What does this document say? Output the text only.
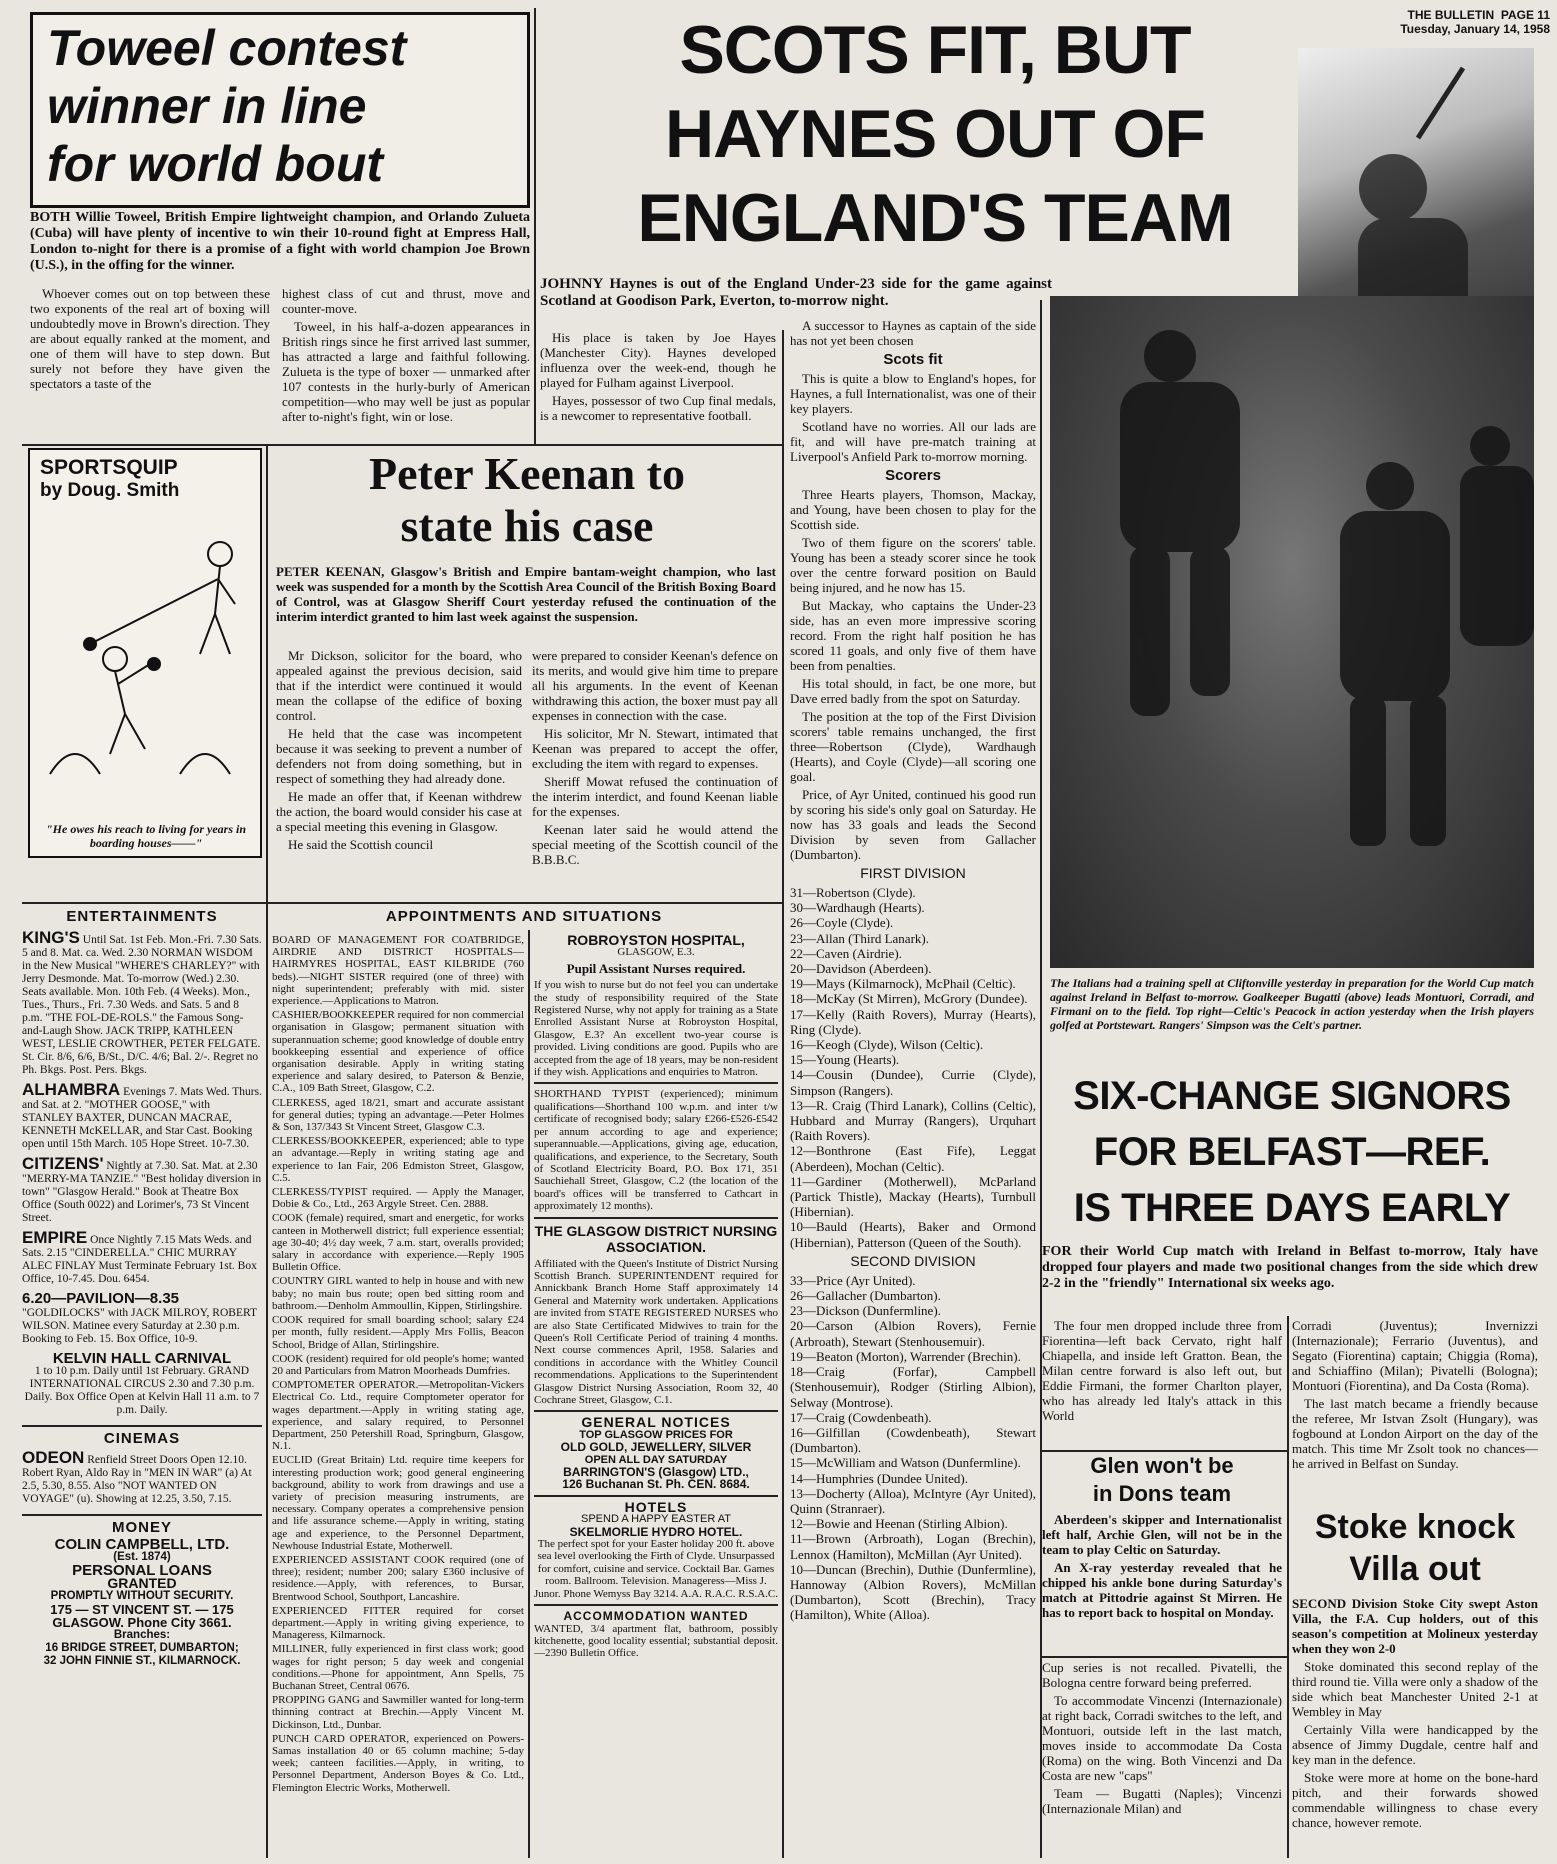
THE BULLETIN PAGE 11
Tuesday, January 14, 1958
Toweel contest
winner in line
for world bout
BOTH Willie Toweel, British Empire lightweight champion, and Orlando Zulueta (Cuba) will have plenty of incentive to win their 10-round fight at Empress Hall, London to-night for there is a promise of a fight with world champion Joe Brown (U.S.), in the offing for the winner.

Whoever comes out on top between these two exponents of the real art of boxing will undoubtedly move in Brown's direction. They are about equally ranked at the moment, and one of them will have to step down. But surely not before they have given the spectators a taste of the

highest class of cut and thrust, move and counter-move.

Toweel, in his half-a-dozen appearances in British rings since he first arrived last summer, has attracted a large and faithful following. Zulueta is the type of boxer — unmarked after 107 contests in the hurly-burly of American competition—who may well be just as popular after to-night's fight, win or lose.

SPORTSQUIP
by Doug. Smith
"He owes his reach to living for years in boarding houses——"
Peter Keenan to
state his case
PETER KEENAN, Glasgow's British and Empire bantam-weight champion, who last week was suspended for a month by the Scottish Area Council of the British Boxing Board of Control, was at Glasgow Sheriff Court yesterday refused the continuation of the interim interdict granted to him last week against the suspension.

Mr Dickson, solicitor for the board, who appealed against the previous decision, said that if the interdict were continued it would mean the collapse of the edifice of boxing control.

He held that the case was incompetent because it was seeking to prevent a number of defenders not from doing something, but in respect of something they had already done.

He made an offer that, if Keenan withdrew the action, the board would consider his case at a special meeting this evening in Glasgow.

He said the Scottish council

were prepared to consider Keenan's defence on its merits, and would give him time to prepare all his arguments. In the event of Keenan withdrawing this action, the boxer must pay all expenses in connection with the case.

His solicitor, Mr N. Stewart, intimated that Keenan was prepared to accept the offer, excluding the item with regard to expenses.

Sheriff Mowat refused the continuation of the interim interdict, and found Keenan liable for the expenses.

Keenan later said he would attend the special meeting of the Scottish council of the B.B.B.C.

SCOTS FIT, BUT
HAYNES OUT OF
ENGLAND'S TEAM
JOHNNY Haynes is out of the England Under-23 side for the game against Scotland at Goodison Park, Everton, to-morrow night.

His place is taken by Joe Hayes (Manchester City). Haynes developed influenza over the week-end, though he played for Fulham against Liverpool.

Hayes, possessor of two Cup final medals, is a newcomer to representative football.

A successor to Haynes as captain of the side has not yet been chosen

Scots fit

This is quite a blow to England's hopes, for Haynes, a full Internationalist, was one of their key players.

Scotland have no worries. All our lads are fit, and will have pre-match training at Liverpool's Anfield Park to-morrow morning.

Scorers

Three Hearts players, Thomson, Mackay, and Young, have been chosen to play for the Scottish side.

Two of them figure on the scorers' table. Young has been a steady scorer since he took over the centre forward position on Bauld being injured, and he now has 15.

But Mackay, who captains the Under-23 side, has an even more impressive scoring record. From the right half position he has scored 11 goals, and only five of them have been from penalties.

His total should, in fact, be one more, but Dave erred badly from the spot on Saturday.

The position at the top of the First Division scorers' table remains unchanged, the first three—Robertson (Clyde), Wardhaugh (Hearts), and Coyle (Clyde)—all scoring one goal.

Price, of Ayr United, continued his good run by scoring his side's only goal on Saturday. He now has 33 goals and leads the Second Division by seven from Gallacher (Dumbarton).

FIRST DIVISION
31—Robertson (Clyde).
30—Wardhaugh (Hearts).
26—Coyle (Clyde).
23—Allan (Third Lanark).
22—Caven (Airdrie).
20—Davidson (Aberdeen).
19—Mays (Kilmarnock), McPhail (Celtic).
18—McKay (St Mirren), McGrory (Dundee).
17—Kelly (Raith Rovers), Murray (Hearts), Ring (Clyde).
16—Keogh (Clyde), Wilson (Celtic).
15—Young (Hearts).
14—Cousin (Dundee), Currie (Clyde), Simpson (Rangers).
13—R. Craig (Third Lanark), Collins (Celtic), Hubbard and Murray (Rangers), Urquhart (Raith Rovers).
12—Bonthrone (East Fife), Leggat (Aberdeen), Mochan (Celtic).
11—Gardiner (Motherwell), McParland (Partick Thistle), Mackay (Hearts), Turnbull (Hibernian).
10—Bauld (Hearts), Baker and Ormond (Hibernian), Patterson (Queen of the South).
SECOND DIVISION
33—Price (Ayr United).
26—Gallacher (Dumbarton).
23—Dickson (Dunfermline).
20—Carson (Albion Rovers), Fernie (Arbroath), Stewart (Stenhousemuir).
19—Beaton (Morton), Warrender (Brechin).
18—Craig (Forfar), Campbell (Stenhousemuir), Rodger (Stirling Albion), Selway (Montrose).
17—Craig (Cowdenbeath).
16—Gilfillan (Cowdenbeath), Stewart (Dumbarton).
15—McWilliam and Watson (Dunfermline).
14—Humphries (Dundee United).
13—Docherty (Alloa), McIntyre (Ayr United), Quinn (Stranraer).
12—Bowie and Heenan (Stirling Albion).
11—Brown (Arbroath), Logan (Brechin), Lennox (Hamilton), McMillan (Ayr United).
10—Duncan (Brechin), Duthie (Dunfermline), Hannoway (Albion Rovers), McMillan (Dumbarton), Scott (Brechin), Tracy (Hamilton), White (Alloa).
The Italians had a training spell at Cliftonville yesterday in preparation for the World Cup match against Ireland in Belfast to-morrow. Goalkeeper Bugatti (above) leads Montuori, Corradi, and Firmani on to the field. Top right—Celtic's Peacock in action yesterday when the Irish players golfed at Portstewart. Rangers' Simpson was the Celt's partner.
SIX-CHANGE SIGNORS
FOR BELFAST—REF.
IS THREE DAYS EARLY
FOR their World Cup match with Ireland in Belfast to-morrow, Italy have dropped four players and made two positional changes from the side which drew 2-2 in the "friendly" International six weeks ago.

The four men dropped include three from Fiorentina—left back Cervato, right half Chiapella, and inside left Gratton. Bean, the Milan centre forward is also left out, but Eddie Firmani, the former Charlton player, who has already led Italy's attack in this World

Corradi (Juventus); Invernizzi (Internazionale); Ferrario (Juventus), and Segato (Fiorentina) captain; Chiggia (Roma), and Schiaffino (Milan); Pivatelli (Bologna); Montuori (Fiorentina), and Da Costa (Roma).

The last match became a friendly because the referee, Mr Istvan Zsolt (Hungary), was fogbound at London Airport on the day of the match. This time Mr Zsolt took no chances—he arrived in Belfast on Sunday.

Glen won't be
in Dons team

Aberdeen's skipper and Internationalist left half, Archie Glen, will not be in the team to play Celtic on Saturday.

An X-ray yesterday revealed that he chipped his ankle bone during Saturday's match at Pittodrie against St Mirren. He has to report back to hospital on Monday.

Cup series is not recalled. Pivatelli, the Bologna centre forward being preferred.

To accommodate Vincenzi (Internazionale) at right back, Corradi switches to the left, and Montuori, outside left in the last match, moves inside to accommodate Da Costa (Roma) on the wing. Both Vincenzi and Da Costa are new "caps"

Team — Bugatti (Naples); Vincenzi (Internazionale Milan) and

Stoke knock
Villa out

SECOND Division Stoke City swept Aston Villa, the F.A. Cup holders, out of this season's competition at Molineux yesterday when they won 2-0

Stoke dominated this second replay of the third round tie. Villa were only a shadow of the side which beat Manchester United 2-1 at Wembley in May

Certainly Villa were handicapped by the absence of Jimmy Dugdale, centre half and key man in the defence.

Stoke were more at home on the bone-hard pitch, and their forwards showed commendable willingness to chase every chance, however remote.

ENTERTAINMENTS
KING'S Until Sat. 1st Feb. Mon.-Fri. 7.30 Sats. 5 and 8. Mat. ca. Wed. 2.30 NORMAN WISDOM in the New Musical "WHERE'S CHARLEY?" with Jerry Desmonde. Mat. To-morrow (Wed.) 2.30. Seats available. Mon. 10th Feb. (4 Weeks). Mon., Tues., Thurs., Fri. 7.30 Weds. and Sats. 5 and 8 p.m. "THE FOL-DE-ROLS." the Famous Song-and-Laugh Show. JACK TRIPP, KATHLEEN WEST, LESLIE CROWTHER, PETER FELGATE. St. Cir. 8/6, 6/6, B/St., D/C. 4/6; Bal. 2/-. Regret no Ph. Bkgs. Post. Pers. Bkgs.
ALHAMBRA Evenings 7. Mats Wed. Thurs. and Sat. at 2. "MOTHER GOOSE," with STANLEY BAXTER, DUNCAN MACRAE, KENNETH McKELLAR, and Star Cast. Booking open until 15th March. 105 Hope Street. 10-7.30.
CITIZENS' Nightly at 7.30. Sat. Mat. at 2.30 "MERRY-MA TANZIE." "Best holiday diversion in town" "Glasgow Herald." Book at Theatre Box Office (South 0022) and Lorimer's, 73 St Vincent Street.
EMPIRE Once Nightly 7.15 Mats Weds. and Sats. 2.15 "CINDERELLA." CHIC MURRAY ALEC FINLAY Must Terminate February 1st. Box Office, 10-7.45. Dou. 6454.
6.20—PAVILION—8.35 "GOLDILOCKS" with JACK MILROY, ROBERT WILSON. Matinee every Saturday at 2.30 p.m. Booking to Feb. 15. Box Office, 10-9.
KELVIN HALL CARNIVAL
1 to 10 p.m. Daily until 1st February. GRAND INTERNATIONAL CIRCUS 2.30 and 7.30 p.m. Daily. Box Office Open at Kelvin Hall 11 a.m. to 7 p.m. Daily.
CINEMAS
ODEON Renfield Street Doors Open 12.10. Robert Ryan, Aldo Ray in "MEN IN WAR" (a) At 2.5, 5.30, 8.55. Also "NOT WANTED ON VOYAGE" (u). Showing at 12.25, 3.50, 7.15.
MONEY
COLIN CAMPBELL, LTD.
(Est. 1874)
PERSONAL LOANS
GRANTED
PROMPTLY WITHOUT SECURITY.
175 — ST VINCENT ST. — 175
GLASGOW. Phone City 3661.
Branches:
16 BRIDGE STREET, DUMBARTON;
32 JOHN FINNIE ST., KILMARNOCK.
APPOINTMENTS AND SITUATIONS

BOARD OF MANAGEMENT FOR COATBRIDGE, AIRDRIE AND DISTRICT HOSPITALS—HAIRMYRES HOSPITAL, EAST KILBRIDE (760 beds).—NIGHT SISTER required (one of three) with night superintendent; preferably with mid. sister experience.—Applications to Matron.

CASHIER/BOOKKEEPER required for non commercial organisation in Glasgow; permanent situation with superannuation scheme; good knowledge of double entry bookkeeping essential and experience of office organisation desirable. Apply in writing stating experience and salary desired, to Paterson & Benzie, C.A., 109 Bath Street, Glasgow, C.2.

CLERKESS, aged 18/21, smart and accurate assistant for general duties; typing an advantage.—Peter Holmes & Son, 137/343 St Vincent Street, Glasgow C.3.

CLERKESS/BOOKKEEPER, experienced; able to type an advantage.—Reply in writing stating age and experience to Ian Fair, 206 Edmiston Street, Glasgow, C.5.

CLERKESS/TYPIST required. — Apply the Manager, Dobie & Co., Ltd., 263 Argyle Street. Cen. 2888.

COOK (female) required, smart and energetic, for works canteen in Motherwell district; full experience essential; age 30-40; 4½ day week, 7 a.m. start, overalls provided; salary in accordance with experience.—Reply 1905 Bulletin Office.

COUNTRY GIRL wanted to help in house and with new baby; no main bus route; open bed sitting room and bathroom.—Denholm Ammoullin, Kippen, Stirlingshire.

COOK required for small boarding school; salary £24 per month, fully resident.—Apply Mrs Follis, Beacon School, Bridge of Allan, Stirlingshire.

COOK (resident) required for old people's home; wanted 20 and Particulars from Matron Moorheads Dumfries.

COMPTOMETER OPERATOR.—Metropolitan-Vickers Electrical Co. Ltd., require Comptometer operator for wages department.—Apply in writing stating age, experience, and salary required, to Personnel Department, 250 Petershill Road, Springburn, Glasgow, N.1.

EUCLID (Great Britain) Ltd. require time keepers for interesting production work; good general engineering background, ability to work from drawings and use a variety of precision measuring instruments, are necessary. Company operates a comprehensive pension and life assurance scheme.—Apply in writing, stating age and experience, to the Personnel Department, Newhouse Industrial Estate, Motherwell.

EXPERIENCED ASSISTANT COOK required (one of three); resident; number 200; salary £360 inclusive of residence.—Apply, with references, to Bursar, Brentwood School, Southport, Lancashire.

EXPERIENCED FITTER required for corset department.—Apply in writing giving experience, to Manageress, Kilmarnock.

MILLINER, fully experienced in first class work; good wages for right person; 5 day week and congenial conditions.—Phone for appointment, Ann Spells, 75 Buchanan Street, Central 0676.

PROPPING GANG and Sawmiller wanted for long-term thinning contract at Brechin.—Apply Vincent M. Dickinson, Ltd., Dunbar.

PUNCH CARD OPERATOR, experienced on Powers-Samas installation 40 or 65 column machine; 5-day week; canteen facilities.—Apply, in writing, to Personnel Department, Anderson Boyes & Co. Ltd., Flemington Electric Works, Motherwell.

ROBROYSTON HOSPITAL,
GLASGOW, E.3.
Pupil Assistant Nurses required.
If you wish to nurse but do not feel you can undertake the study of responsibility required of the State Registered Nurse, why not apply for training as a State Enrolled Assistant Nurse at Robroyston Hospital, Glasgow, E.3? An excellent two-year course is provided. Living conditions are good. Pupils who are accepted from the age of 18 years, may be non-resident if they wish. Applications and enquiries to Matron.
SHORTHAND TYPIST (experienced); minimum qualifications—Shorthand 100 w.p.m. and inter t/w certificate of recognised body; salary £266-£526-£542 per annum according to age and experience; superannuable.—Applications, giving age, education, qualifications, and experience, to the Secretary, South of Scotland Electricity Board, P.O. Box 171, 351 Sauchiehall Street, Glasgow, C.2 (the location of the board's offices will be transferred to Cathcart in approximately 12 months).
THE GLASGOW DISTRICT NURSING ASSOCIATION.
Affiliated with the Queen's Institute of District Nursing Scottish Branch. SUPERINTENDENT required for Annickbank Branch Home Staff approximately 14 General and Maternity work undertaken. Applications are invited from STATE REGISTERED NURSES who are also State Certificated Midwives to train for the Queen's Roll Certificate Period of training 4 months. Next course commences April, 1958. Salaries and conditions in accordance with the Whitley Council recommendations. Applications to the Superintendent Glasgow District Nursing Association, Room 32, 40 Cochrane Street, Glasgow, C.1.
GENERAL NOTICES
TOP GLASGOW PRICES FOR
OLD GOLD, JEWELLERY, SILVER
OPEN ALL DAY SATURDAY
BARRINGTON'S (Glasgow) LTD.,
126 Buchanan St. Ph. CEN. 8684.
HOTELS
SPEND A HAPPY EASTER AT
SKELMORLIE HYDRO HOTEL.
The perfect spot for your Easter holiday 200 ft. above sea level overlooking the Firth of Clyde. Unsurpassed for comfort, cuisine and service. Cocktail Bar. Games room. Ballroom. Television. Manageress—Miss J. Junor. Phone Wemyss Bay 3214. A.A. R.A.C. R.S.A.C.
ACCOMMODATION WANTED
WANTED, 3/4 apartment flat, bathroom, possibly kitchenette, good locality essential; substantial deposit.—2390 Bulletin Office.
